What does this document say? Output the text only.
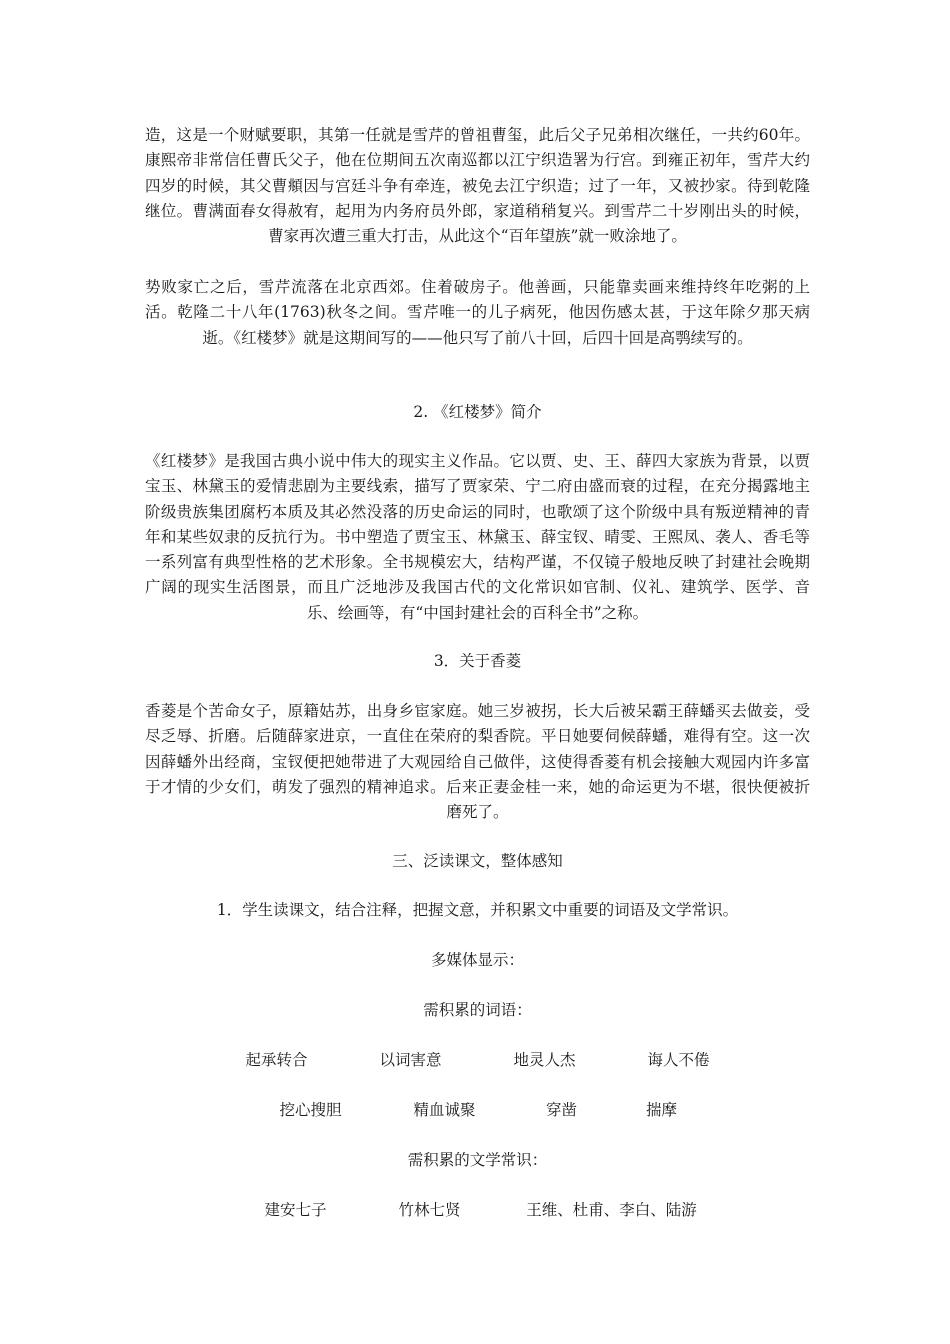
造，这是一个财赋要职，其第一任就是雪芹的曾祖曹玺，此后父子兄弟相次继任，一共约60年。康熙帝非常信任曹氏父子，他在位期间五次南巡都以江宁织造署为行宫。到雍正初年，雪芹大约四岁的时候，其父曹頫因与宫廷斗争有牵连，被免去江宁织造；过了一年，又被抄家。待到乾隆继位。曹满面春女得赦宥，起用为内务府员外郎，家道稍稍复兴。到雪芹二十岁刚出头的时候，曹家再次遭三重大打击，从此这个“百年望族”就一败涂地了。

势败家亡之后，雪芹流落在北京西郊。住着破房子。他善画，只能靠卖画来维持终年吃粥的上活。乾隆二十八年(1763)秋冬之间。雪芹唯一的儿子病死，他因伤感太甚，于这年除夕那天病逝。《红楼梦》就是这期间写的——他只写了前八十回，后四十回是高鹗续写的。

2. 《红楼梦》简介

《红楼梦》是我国古典小说中伟大的现实主义作品。它以贾、史、王、薛四大家族为背景，以贾宝玉、林黛玉的爱情悲剧为主要线索，描写了贾家荣、宁二府由盛而衰的过程，在充分揭露地主阶级贵族集团腐朽本质及其必然没落的历史命运的同时，也歌颂了这个阶级中具有叛逆精神的青年和某些奴隶的反抗行为。书中塑造了贾宝玉、林黛玉、薛宝钗、晴雯、王熙凤、袭人、香毛等一系列富有典型性格的艺术形象。全书规模宏大，结构严谨，不仅镜子般地反映了封建社会晚期广阔的现实生活图景，而且广泛地涉及我国古代的文化常识如官制、仪礼、建筑学、医学、音乐、绘画等，有“中国封建社会的百科全书”之称。

3．关于香菱

香菱是个苦命女子，原籍姑苏，出身乡宦家庭。她三岁被拐，长大后被呆霸王薛蟠买去做妾，受尽乏辱、折磨。后随薛家进京，一直住在荣府的梨香院。平日她要伺候薛蟠，难得有空。这一次因薛蟠外出经商，宝钗便把她带进了大观园给自己做伴，这使得香菱有机会接触大观园内许多富于才情的少女们，萌发了强烈的精神追求。后来正妻金桂一来，她的命运更为不堪，很快便被折磨死了。

三、泛读课文，整体感知

1．学生读课文，结合注释，把握文意，并积累文中重要的词语及文学常识。

多媒体显示：

需积累的词语：

起承转合	以词害意	地灵人杰	诲人不倦
挖心搜胆	精血诚聚	穿凿	揣摩

需积累的文学常识：

建安七子	竹林七贤	王维、杜甫、李白、陆游
